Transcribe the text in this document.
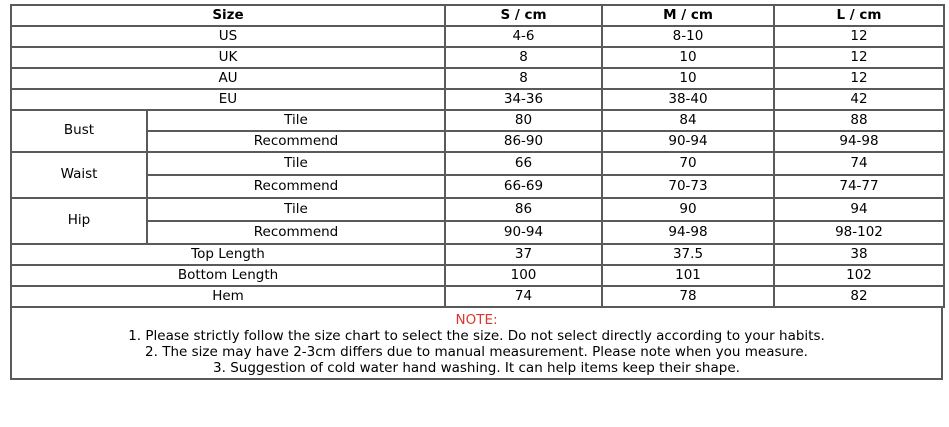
Size		S / cm	M / cm	L / cm
US		4-6	8-10	12
UK		8	10	12
AU		8	10	12
EU		34-36	38-40	42
Bust	Tile	80	84	88
	Recommend	86-90	90-94	94-98
Waist	Tile	66	70	74
	Recommend	66-69	70-73	74-77
Hip	Tile	86	90	94
	Recommend	90-94	94-98	98-102
Top Length		37	37.5	38
Bottom Length		100	101	102
Hem		74	78	82
NOTE:
1. Please strictly follow the size chart to select the size. Do not select directly according to your habits.
2. The size may have 2-3cm differs due to manual measurement. Please note when you measure.
3. Suggestion of cold water hand washing. It can help items keep their shape.
